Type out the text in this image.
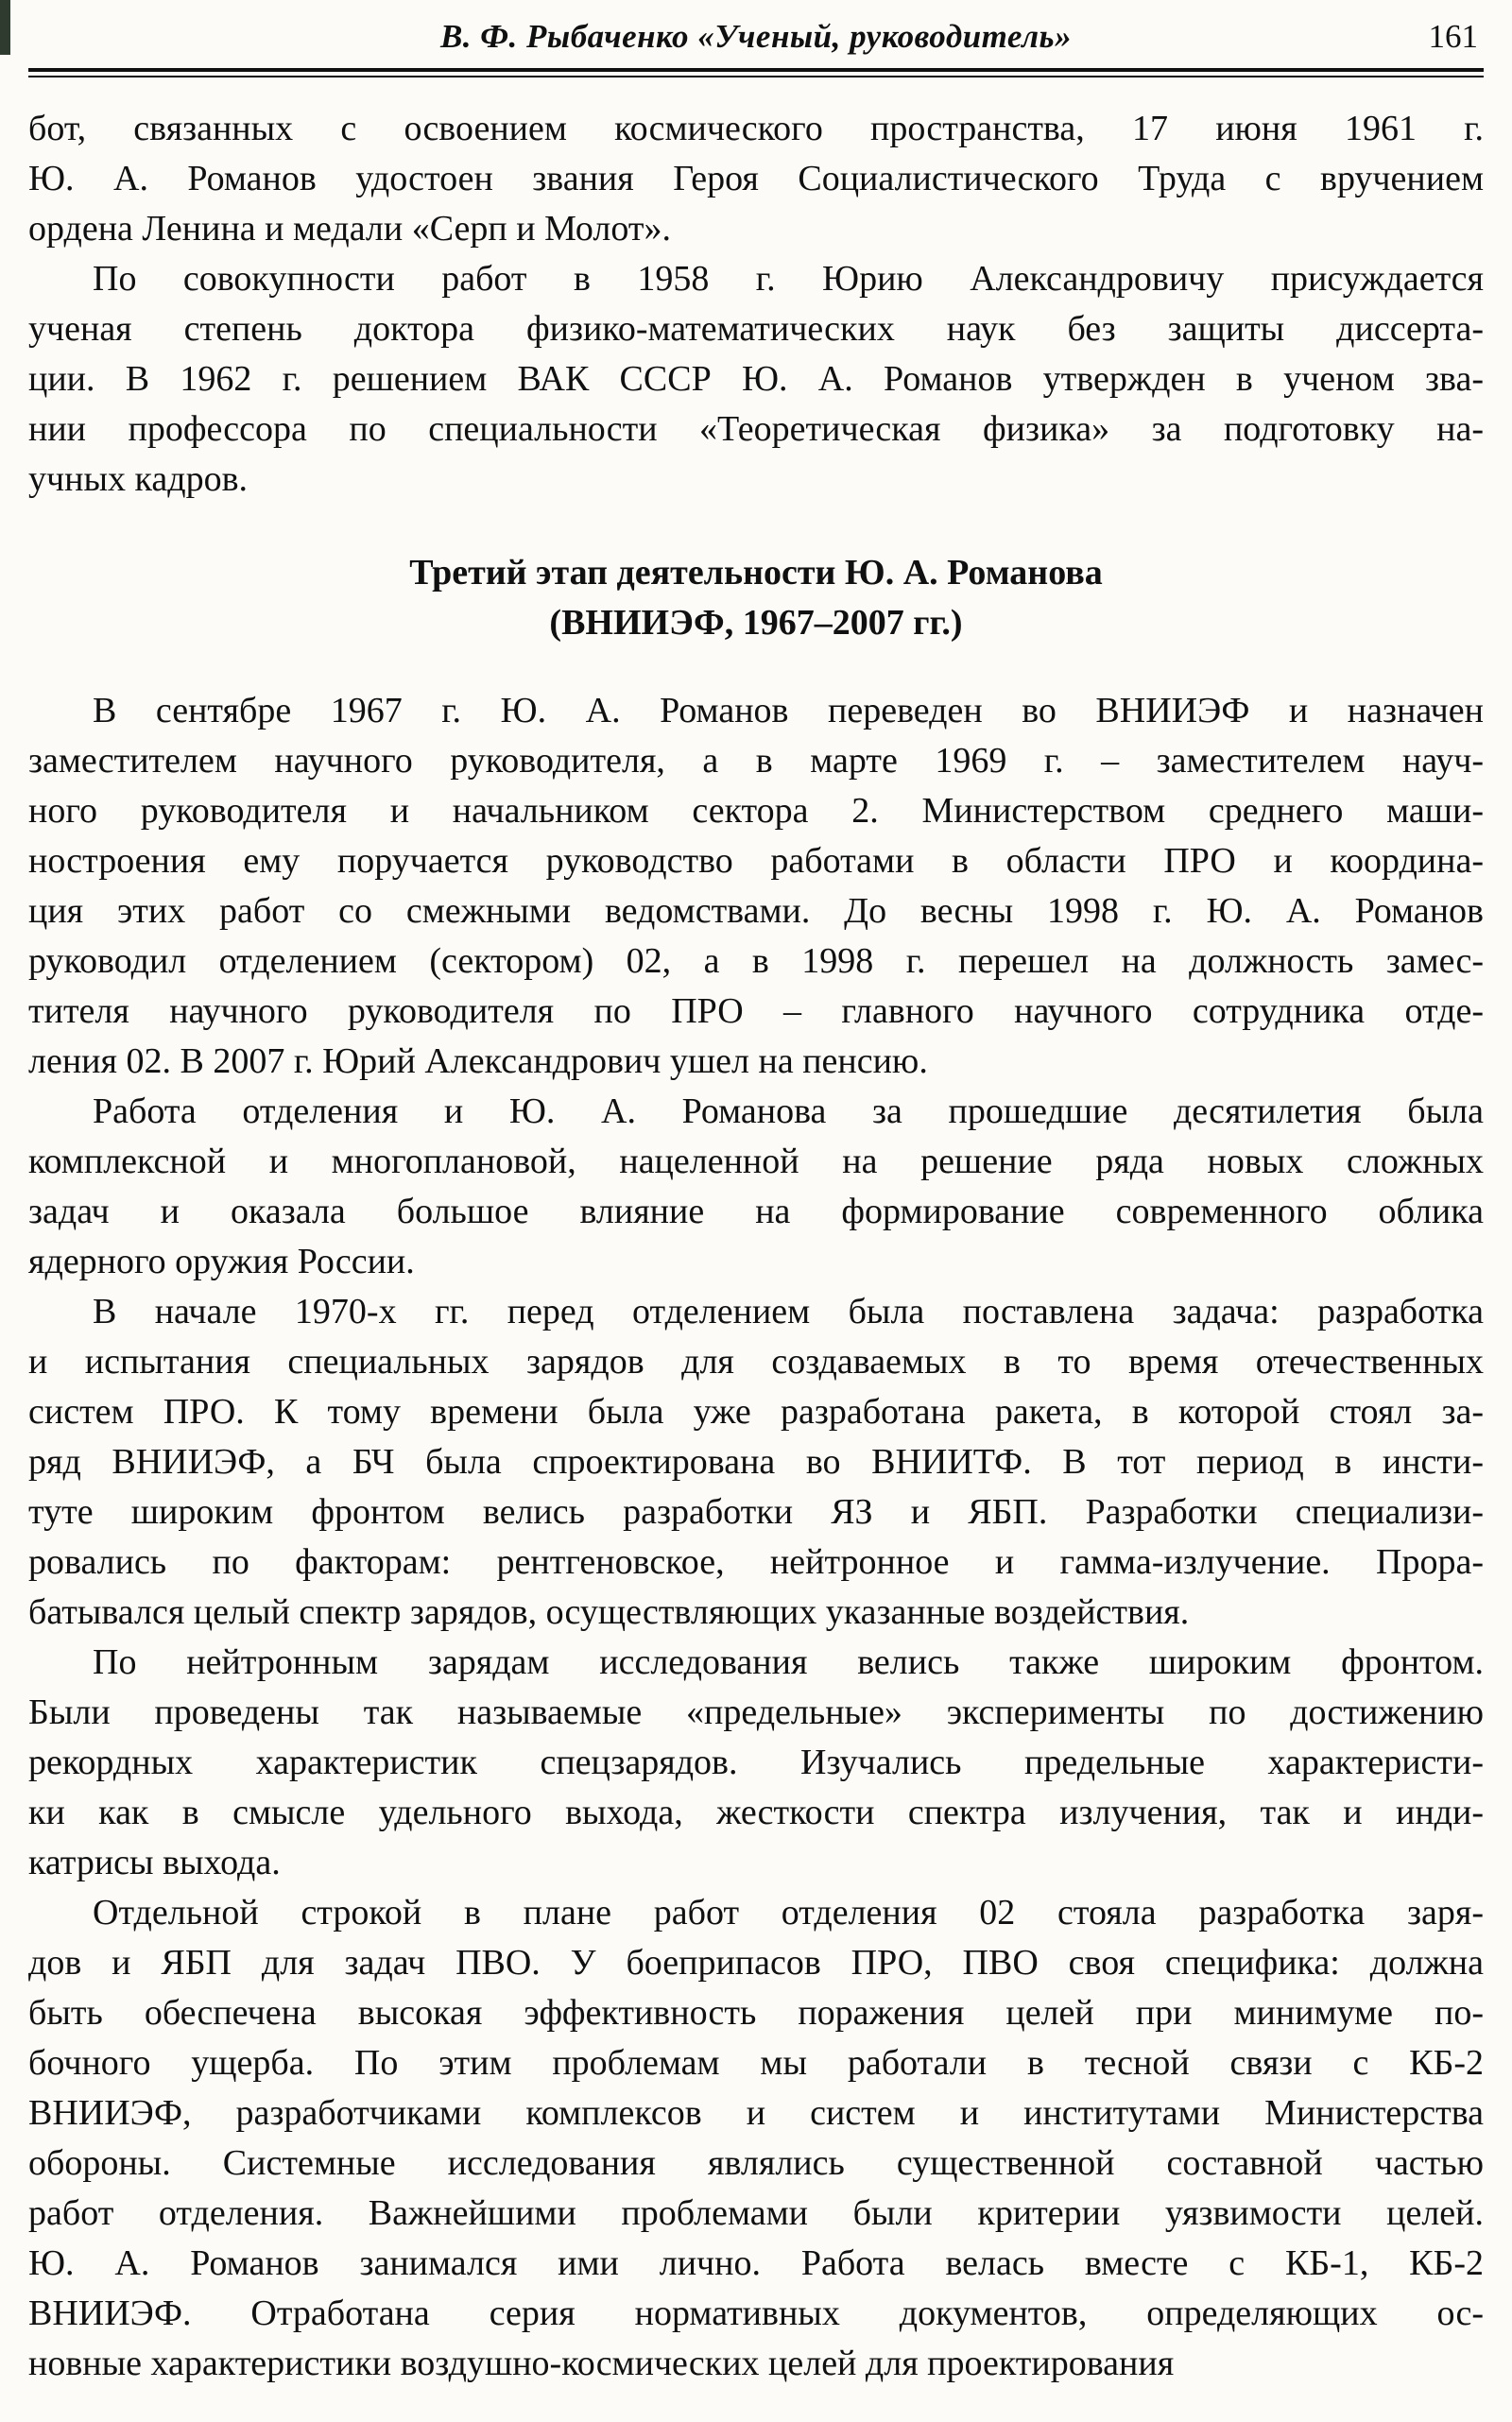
В. Ф. Рыбаченко «Ученый, руководитель»	161
бот, связанных с освоением космического пространства, 17 июня 1961 г.
Ю. А. Романов удостоен звания Героя Социалистического Труда с вручением
ордена Ленина и медали «Серп и Молот».
По совокупности работ в 1958 г. Юрию Александровичу присуждается
ученая степень доктора физико-математических наук без защиты диссерта-
ции. В 1962 г. решением ВАК СССР Ю. А. Романов утвержден в ученом зва-
нии профессора по специальности «Теоретическая физика» за подготовку на-
учных кадров.
Третий этап деятельности Ю. А. Романова
(ВНИИЭФ, 1967–2007 гг.)
В сентябре 1967 г. Ю. А. Романов переведен во ВНИИЭФ и назначен
заместителем научного руководителя, а в марте 1969 г. – заместителем науч-
ного руководителя и начальником сектора 2. Министерством среднего маши-
ностроения ему поручается руководство работами в области ПРО и координа-
ция этих работ со смежными ведомствами. До весны 1998 г. Ю. А. Романов
руководил отделением (сектором) 02, а в 1998 г. перешел на должность замес-
тителя научного руководителя по ПРО – главного научного сотрудника отде-
ления 02. В 2007 г. Юрий Александрович ушел на пенсию.
Работа отделения и Ю. А. Романова за прошедшие десятилетия была
комплексной и многоплановой, нацеленной на решение ряда новых сложных
задач и оказала большое влияние на формирование современного облика
ядерного оружия России.
В начале 1970-х гг. перед отделением была поставлена задача: разработка
и испытания специальных зарядов для создаваемых в то время отечественных
систем ПРО. К тому времени была уже разработана ракета, в которой стоял за-
ряд ВНИИЭФ, а БЧ была спроектирована во ВНИИТФ. В тот период в инсти-
туте широким фронтом велись разработки ЯЗ и ЯБП. Разработки специализи-
ровались по факторам: рентгеновское, нейтронное и гамма-излучение. Прора-
батывался целый спектр зарядов, осуществляющих указанные воздействия.
По нейтронным зарядам исследования велись также широким фронтом.
Были проведены так называемые «предельные» эксперименты по достижению
рекордных характеристик спецзарядов. Изучались предельные характеристи-
ки как в смысле удельного выхода, жесткости спектра излучения, так и инди-
катрисы выхода.
Отдельной строкой в плане работ отделения 02 стояла разработка заря-
дов и ЯБП для задач ПВО. У боеприпасов ПРО, ПВО своя специфика: должна
быть обеспечена высокая эффективность поражения целей при минимуме по-
бочного ущерба. По этим проблемам мы работали в тесной связи с КБ-2
ВНИИЭФ, разработчиками комплексов и систем и институтами Министерства
обороны. Системные исследования являлись существенной составной частью
работ отделения. Важнейшими проблемами были критерии уязвимости целей.
Ю. А. Романов занимался ими лично. Работа велась вместе с КБ-1, КБ-2
ВНИИЭФ. Отработана серия нормативных документов, определяющих ос-
новные характеристики воздушно-космических целей для проектирования
